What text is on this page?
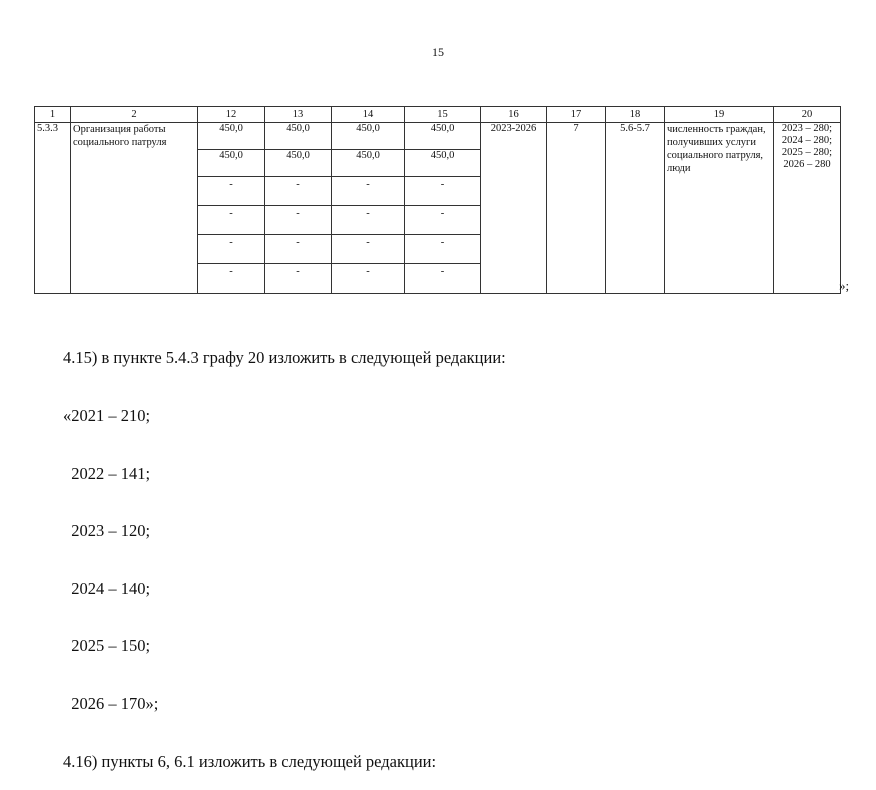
15
1	2	12	13	14	15	16	17	18	19	20
5.3.3	Организация работы социального патруля	450,0	450,0	450,0	450,0	2023-2026	7	5.6-5.7	численность граждан, получивших услуги социального патруля, люди	2023 – 280;
2024 – 280;
2025 – 280;
2026 – 280

		450,0	450,0	450,0	450,0					
		-	-	-	-					
		-	-	-	-					
		-	-	-	-					
		-	-	-	-					
»;

4.15) в пункте 5.4.3 графу 20 изложить в следующей редакции:

«2021 – 210;

2022 – 141;

2023 – 120;

2024 – 140;

2025 – 150;

2026 – 170»;

4.16) пункты 6, 6.1 изложить в следующей редакции:
